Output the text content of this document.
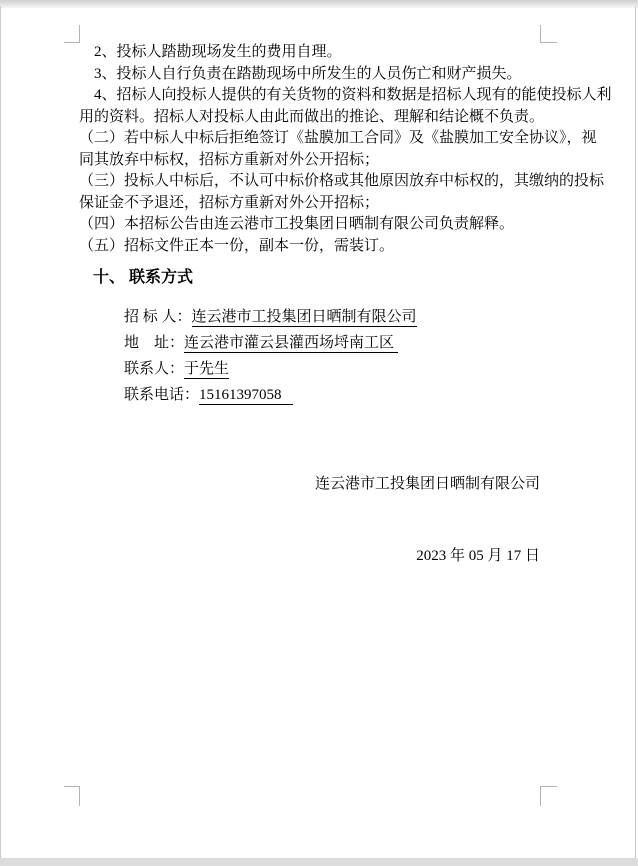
2、投标人踏勘现场发生的费用自理。
3、投标人自行负责在踏勘现场中所发生的人员伤亡和财产损失。
4、招标人向投标人提供的有关货物的资料和数据是招标人现有的能使投标人利
用的资料。招标人对投标人由此而做出的推论、理解和结论概不负责。
（二）若中标人中标后拒绝签订《盐膜加工合同》及《盐膜加工安全协议》，视
同其放弃中标权，招标方重新对外公开招标；
（三）投标人中标后，不认可中标价格或其他原因放弃中标权的，其缴纳的投标
保证金不予退还，招标方重新对外公开招标；
（四）本招标公告由连云港市工投集团日晒制有限公司负责解释。
（五）招标文件正本一份，副本一份，需装订。
十、 联系方式
招 标 人：连云港市工投集团日晒制有限公司
地    址：连云港市灌云县灌西场埒南工区
联系人：于先生
联系电话：15161397058

连云港市工投集团日晒制有限公司

2023 年 05 月 17 日
